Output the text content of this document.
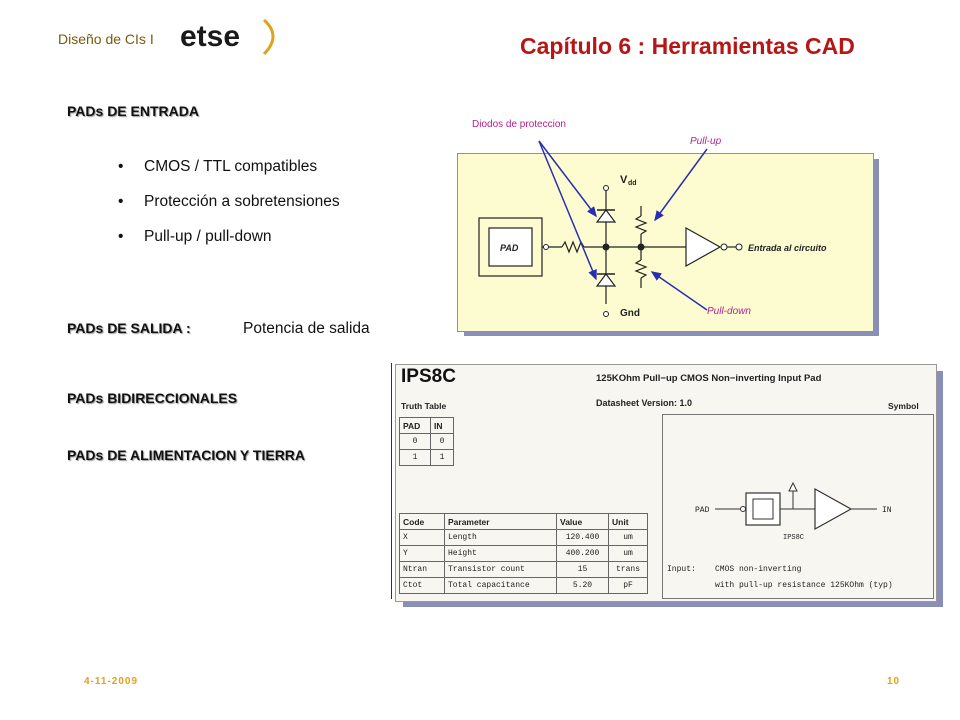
Diseño de CIs I etse	Capítulo 6 : Herramientas CAD
PADs DE ENTRADA
• CMOS / TTL compatibles
• Protección a sobretensiones
• Pull-up / pull-down
PADs DE SALIDA :	Potencia de salida
PADs BIDIRECCIONALES
PADs DE ALIMENTACION Y TIERRA
Diodos de proteccion
Pull-up
PAD
V dd
Gnd
Entrada al circuito
Pull-down
IPS8C	125KOhm Pull−up CMOS Non−inverting Input Pad
Datasheet Version: 1.0
Truth Table	Symbol
PAD	IN
0	0
1	1
PAD	IN
IPS8C
Input: CMOS non-inverting
with pull-up resistance 125KOhm (typ)
Code	Parameter	Value	Unit
X	Length	120.400	um
Y	Height	400.200	um
Ntran	Transistor count	15	trans
Ctot	Total capacitance	5.20	pF
4-11-2009	10
